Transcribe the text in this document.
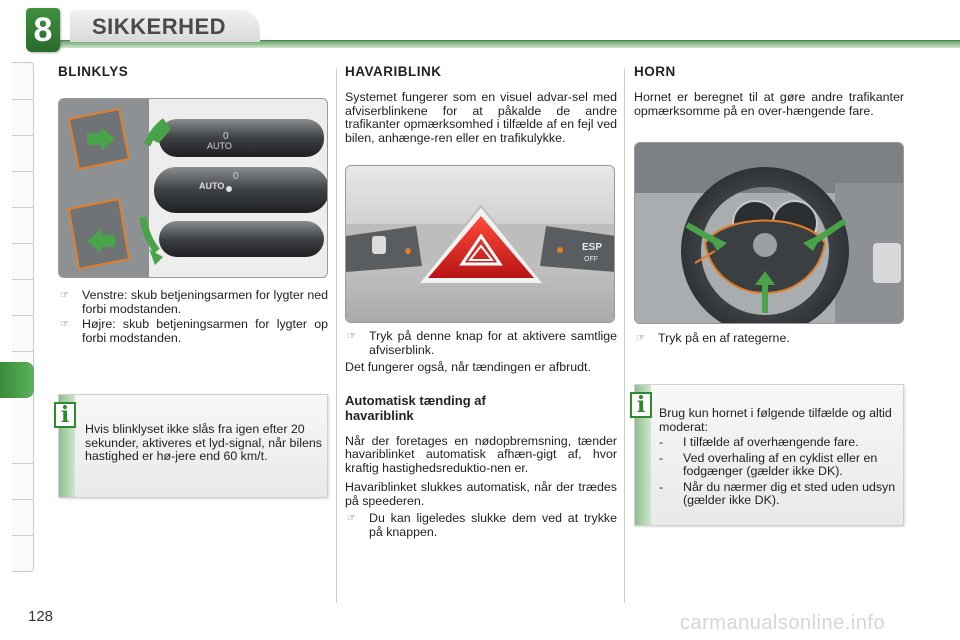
8	SIKKERHED
BLINKLYS
AUTO
AUTO
0
0
☞ Venstre: skub betjeningsarmen for lygter ned forbi modstanden.
☞ Højre: skub betjeningsarmen for lygter op forbi modstanden.
Hvis blinklyset ikke slås fra igen efter 20 sekunder, aktiveres et lyd-signal, når bilens hastighed er hø-jere end 60 km/t.
i
HAVARIBLINK
Systemet fungerer som en visuel advar-sel med afviserblinkene for at påkalde de andre trafikanter opmærksomhed i tilfælde af en fejl ved bilen, anhænge-ren eller en trafikulykke.
ESP
OFF
☞ Tryk på denne knap for at aktivere samtlige afviserblink.
Det fungerer også, når tændingen er afbrudt.
Automatisk tænding af havariblink
Når der foretages en nødopbremsning, tænder havariblinket automatisk afhæn-gigt af, hvor kraftig hastighedsreduktio-nen er.
Havariblinket slukkes automatisk, når der trædes på speederen.
☞ Du kan ligeledes slukke dem ved at trykke på knappen.
HORN
Hornet er beregnet til at gøre andre trafikanter opmærksomme på en over-hængende fare.
☞ Tryk på en af rategerne.
Brug kun hornet i følgende tilfælde og altid moderat:
- I tilfælde af overhængende fare.
- Ved overhaling af en cyklist eller en fodgænger (gælder ikke DK).
- Når du nærmer dig et sted uden udsyn (gælder ikke DK).
i
128	carmanualsonline.info
